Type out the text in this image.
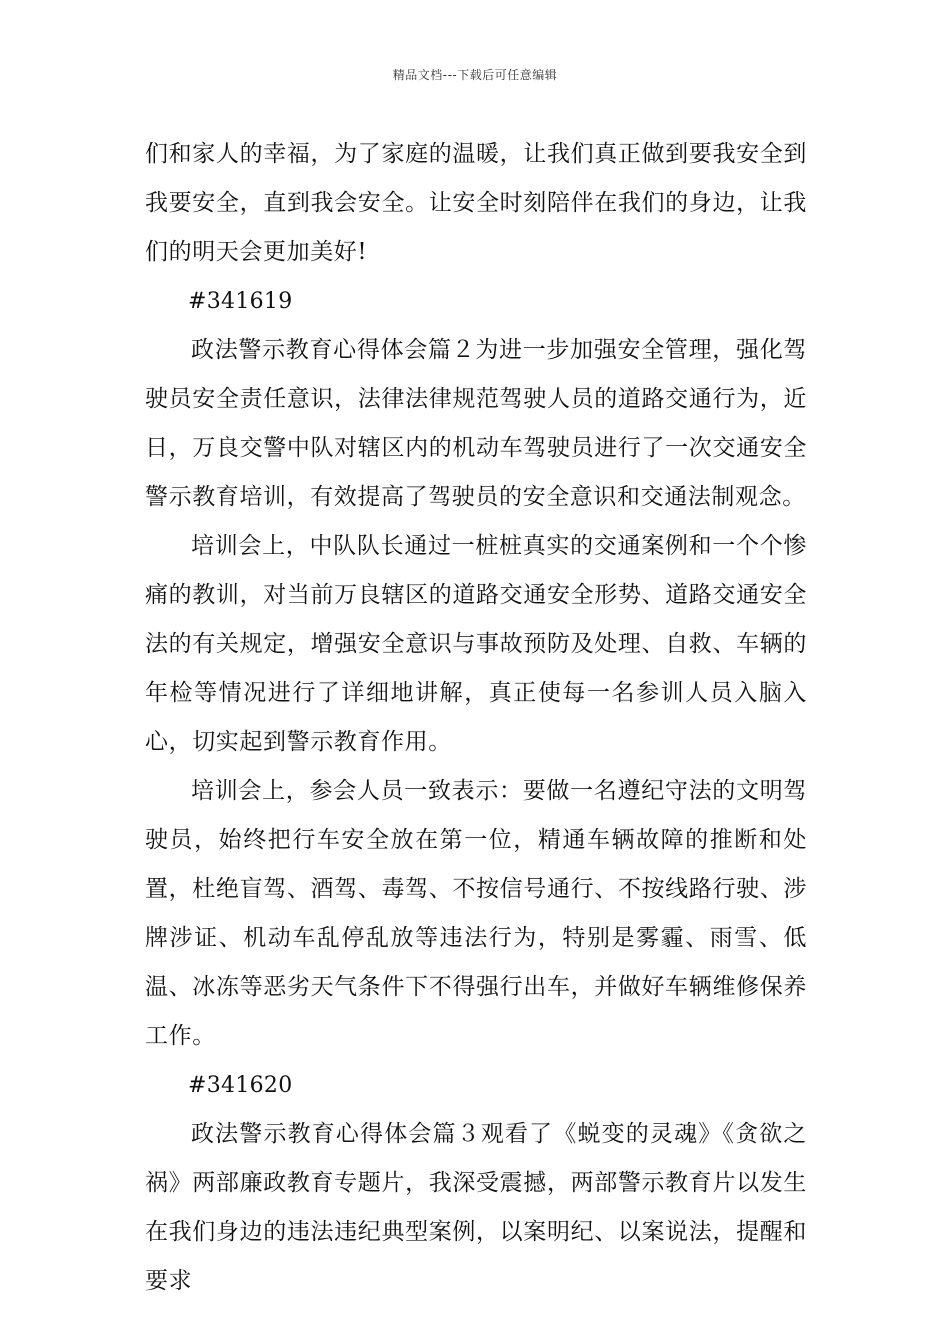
精品文档---下载后可任意编辑

们和家人的幸福，为了家庭的温暖，让我们真正做到要我安全到我要安全，直到我会安全。让安全时刻陪伴在我们的身边，让我们的明天会更加美好!

#341619

政法警示教育心得体会篇２为进一步加强安全管理，强化驾驶员安全责任意识，法律法律规范驾驶人员的道路交通行为，近日，万良交警中队对辖区内的机动车驾驶员进行了一次交通安全警示教育培训，有效提高了驾驶员的安全意识和交通法制观念。

培训会上，中队队长通过一桩桩真实的交通案例和一个个惨痛的教训，对当前万良辖区的道路交通安全形势、道路交通安全法的有关规定，增强安全意识与事故预防及处理、自救、车辆的年检等情况进行了详细地讲解，真正使每一名参训人员入脑入心，切实起到警示教育作用。

培训会上，参会人员一致表示：要做一名遵纪守法的文明驾驶员，始终把行车安全放在第一位，精通车辆故障的推断和处置，杜绝盲驾、酒驾、毒驾、不按信号通行、不按线路行驶、涉牌涉证、机动车乱停乱放等违法行为，特别是雾霾、雨雪、低温、冰冻等恶劣天气条件下不得强行出车，并做好车辆维修保养工作。

#341620

政法警示教育心得体会篇３观看了《蜕变的灵魂》《贪欲之祸》两部廉政教育专题片，我深受震撼，两部警示教育片以发生在我们身边的违法违纪典型案例，以案明纪、以案说法，提醒和要求
